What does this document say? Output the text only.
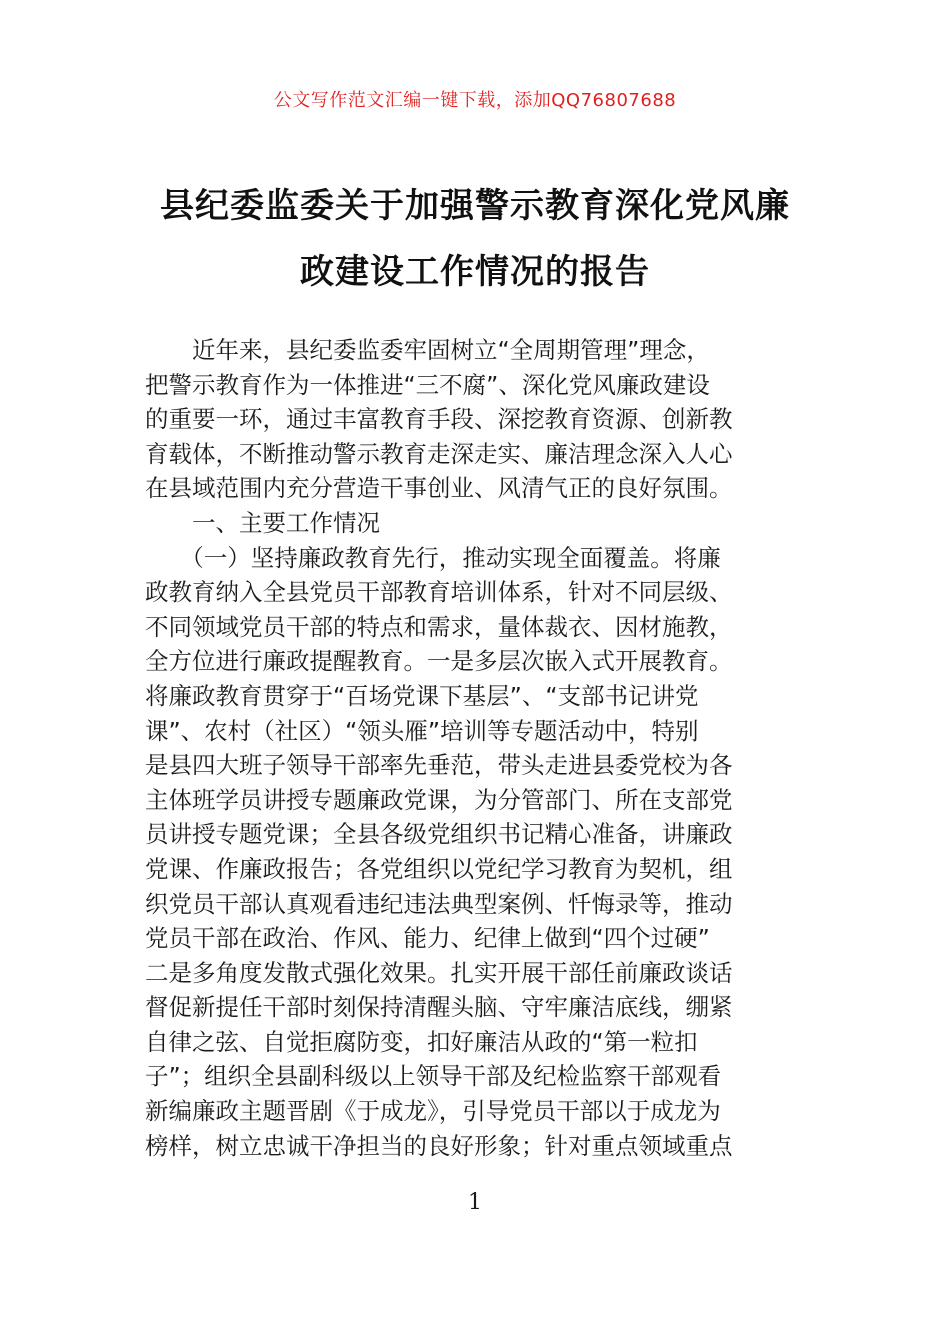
公文写作范文汇编一键下载，添加QQ76807688
县纪委监委关于加强警示教育深化党风廉
政建设工作情况的报告

　　近年来，县纪委监委牢固树立“全周期管理”理念，

把警示教育作为一体推进“三不腐”、深化党风廉政建设

的重要一环，通过丰富教育手段、深挖教育资源、创新教

育载体，不断推动警示教育走深走实、廉洁理念深入人心

在县域范围内充分营造干事创业、风清气正的良好氛围。

　　一、主要工作情况

　　（一）坚持廉政教育先行，推动实现全面覆盖。将廉

政教育纳入全县党员干部教育培训体系，针对不同层级、

不同领域党员干部的特点和需求，量体裁衣、因材施教，

全方位进行廉政提醒教育。一是多层次嵌入式开展教育。

将廉政教育贯穿于“百场党课下基层”、“支部书记讲党

课”、农村（社区）“领头雁”培训等专题活动中，特别

是县四大班子领导干部率先垂范，带头走进县委党校为各

主体班学员讲授专题廉政党课，为分管部门、所在支部党

员讲授专题党课；全县各级党组织书记精心准备，讲廉政

党课、作廉政报告；各党组织以党纪学习教育为契机，组

织党员干部认真观看违纪违法典型案例、忏悔录等，推动

党员干部在政治、作风、能力、纪律上做到“四个过硬”

二是多角度发散式强化效果。扎实开展干部任前廉政谈话

督促新提任干部时刻保持清醒头脑、守牢廉洁底线，绷紧

自律之弦、自觉拒腐防变，扣好廉洁从政的“第一粒扣

子”；组织全县副科级以上领导干部及纪检监察干部观看

新编廉政主题晋剧《于成龙》，引导党员干部以于成龙为

榜样，树立忠诚干净担当的良好形象；针对重点领域重点

1
